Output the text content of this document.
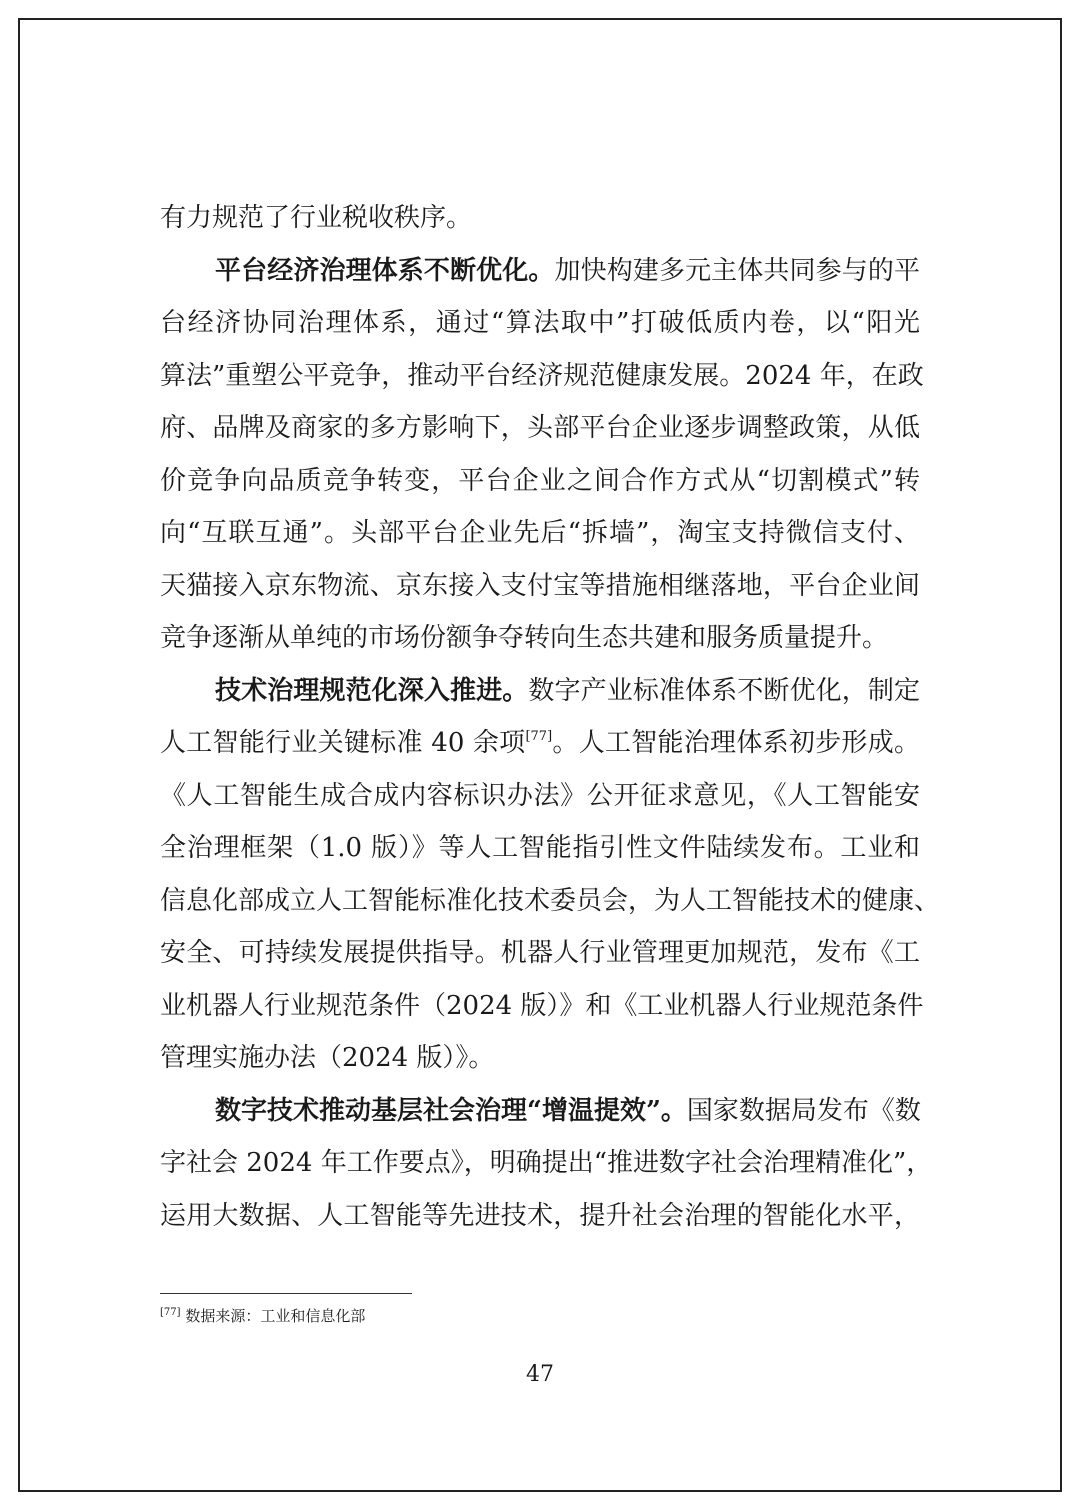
有力规范了行业税收秩序。
平台经济治理体系不断优化。加快构建多元主体共同参与的平
台经济协同治理体系，通过“算法取中”打破低质内卷，以“阳光
算法”重塑公平竞争，推动平台经济规范健康发展。2024 年，在政
府、品牌及商家的多方影响下，头部平台企业逐步调整政策，从低
价竞争向品质竞争转变，平台企业之间合作方式从“切割模式”转
向“互联互通”。头部平台企业先后“拆墙”，淘宝支持微信支付、
天猫接入京东物流、京东接入支付宝等措施相继落地，平台企业间
竞争逐渐从单纯的市场份额争夺转向生态共建和服务质量提升。
技术治理规范化深入推进。数字产业标准体系不断优化，制定
人工智能行业关键标准 40 余项[77]。人工智能治理体系初步形成。
《人工智能生成合成内容标识办法》公开征求意见，《人工智能安
全治理框架（1.0 版）》等人工智能指引性文件陆续发布。工业和
信息化部成立人工智能标准化技术委员会，为人工智能技术的健康、
安全、可持续发展提供指导。机器人行业管理更加规范，发布《工
业机器人行业规范条件（2024 版）》和《工业机器人行业规范条件
管理实施办法（2024 版）》。
数字技术推动基层社会治理“增温提效”。国家数据局发布《数
字社会 2024 年工作要点》，明确提出“推进数字社会治理精准化”，
运用大数据、人工智能等先进技术，提升社会治理的智能化水平，
[77] 数据来源：工业和信息化部
47
